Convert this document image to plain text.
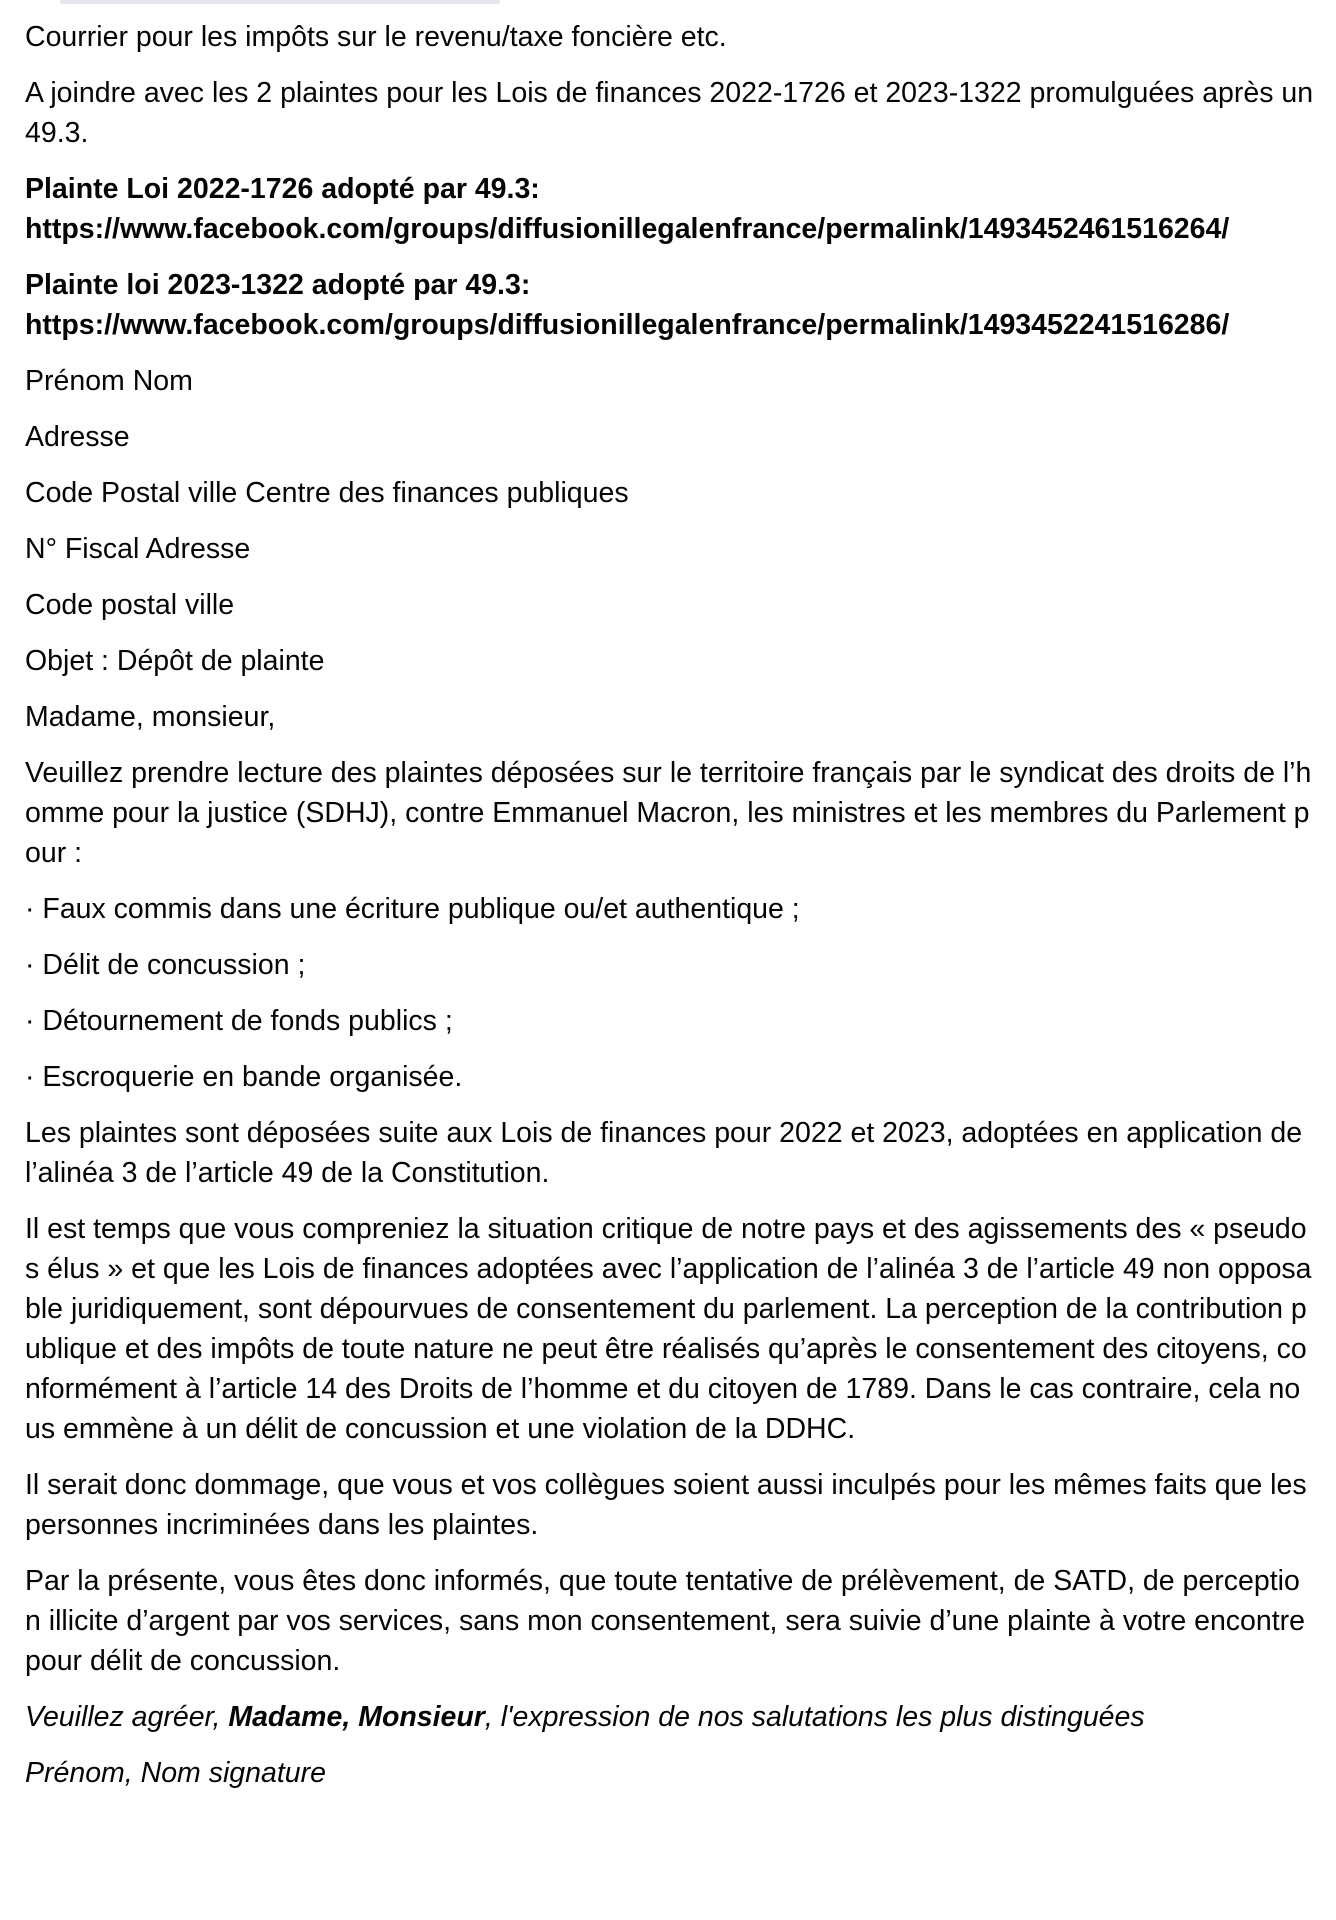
Courrier pour les impôts sur le revenu/taxe foncière etc.

A joindre avec les 2 plaintes pour les Lois de finances 2022-1726 et 2023-1322 promulguées après un 49.3.

Plainte Loi 2022-1726 adopté par 49.3:
https://www.facebook.com/groups/diffusionillegalenfrance/permalink/1493452461516264/

Plainte loi 2023-1322 adopté par 49.3:
https://www.facebook.com/groups/diffusionillegalenfrance/permalink/1493452241516286/

Prénom Nom

Adresse

Code Postal ville Centre des finances publiques

N° Fiscal Adresse

Code postal ville

Objet : Dépôt de plainte

Madame, monsieur,

Veuillez prendre lecture des plaintes déposées sur le territoire français par le syndicat des droits de l’homme pour la justice (SDHJ), contre Emmanuel Macron, les ministres et les membres du Parlement pour :

· Faux commis dans une écriture publique ou/et authentique ;

· Délit de concussion ;

· Détournement de fonds publics ;

· Escroquerie en bande organisée.

Les plaintes sont déposées suite aux Lois de finances pour 2022 et 2023, adoptées en application de l’alinéa 3 de l’article 49 de la Constitution.

Il est temps que vous compreniez la situation critique de notre pays et des agissements des « pseudos élus » et que les Lois de finances adoptées avec l’application de l’alinéa 3 de l’article 49 non opposable juridiquement, sont dépourvues de consentement du parlement. La perception de la contribution publique et des impôts de toute nature ne peut être réalisés qu’après le consentement des citoyens, conformément à l’article 14 des Droits de l’homme et du citoyen de 1789. Dans le cas contraire, cela nous emmène à un délit de concussion et une violation de la DDHC.

Il serait donc dommage, que vous et vos collègues soient aussi inculpés pour les mêmes faits que les personnes incriminées dans les plaintes.

Par la présente, vous êtes donc informés, que toute tentative de prélèvement, de SATD, de perception illicite d’argent par vos services, sans mon consentement, sera suivie d’une plainte à votre encontre pour délit de concussion.

Veuillez agréer, Madame, Monsieur, l'expression de nos salutations les plus distinguées

Prénom, Nom signature
